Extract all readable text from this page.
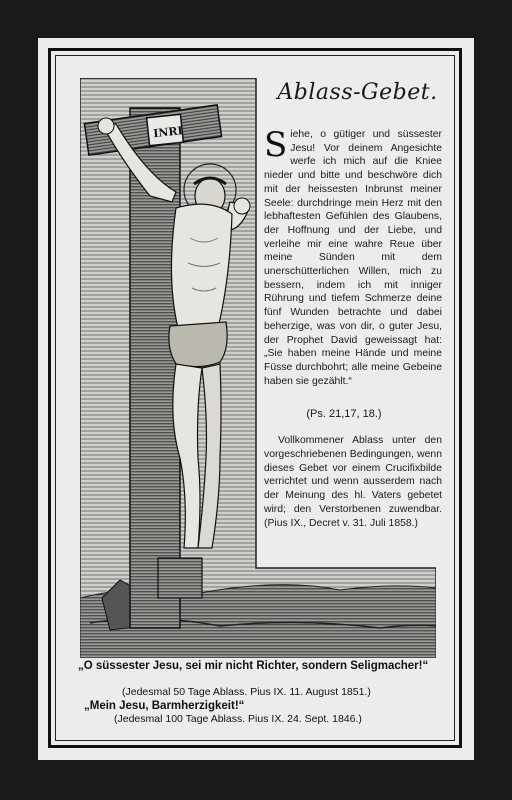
INRI
Ablass-Gebet.
Siehe, o gütiger und süssester Jesu! Vor deinem Angesichte werfe ich mich auf die Kniee nieder und bitte und beschwöre dich mit der heissesten Inbrunst meiner Seele: durchdringe mein Herz mit den lebhaftesten Gefühlen des Glaubens, der Hoffnung und der Liebe, und verleihe mir eine wahre Reue über meine Sünden mit dem unerschütterlichen Willen, mich zu bessern, indem ich mit inniger Rührung und tiefem Schmerze deine fünf Wunden betrachte und dabei beherzige, was von dir, o guter Jesu, der Prophet David geweissagt hat: „Sie haben meine Hände und meine Füsse durchbohrt; alle meine Gebeine haben sie gezählt.“
(Ps. 21,17, 18.)
Vollkommener Ablass unter den vorgeschriebenen Bedingungen, wenn dieses Gebet vor einem Crucifixbilde verrichtet und wenn ausserdem nach der Meinung des hl. Vaters gebetet wird; den Verstorbenen zuwendbar. (Pius IX., Decret v. 31. Juli 1858.)
„O süssester Jesu, sei mir nicht Richter, sondern Seligmacher!“
(Jedesmal 50 Tage Ablass. Pius IX. 11. August 1851.)
„Mein Jesu, Barmherzigkeit!“
(Jedesmal 100 Tage Ablass. Pius IX. 24. Sept. 1846.)
